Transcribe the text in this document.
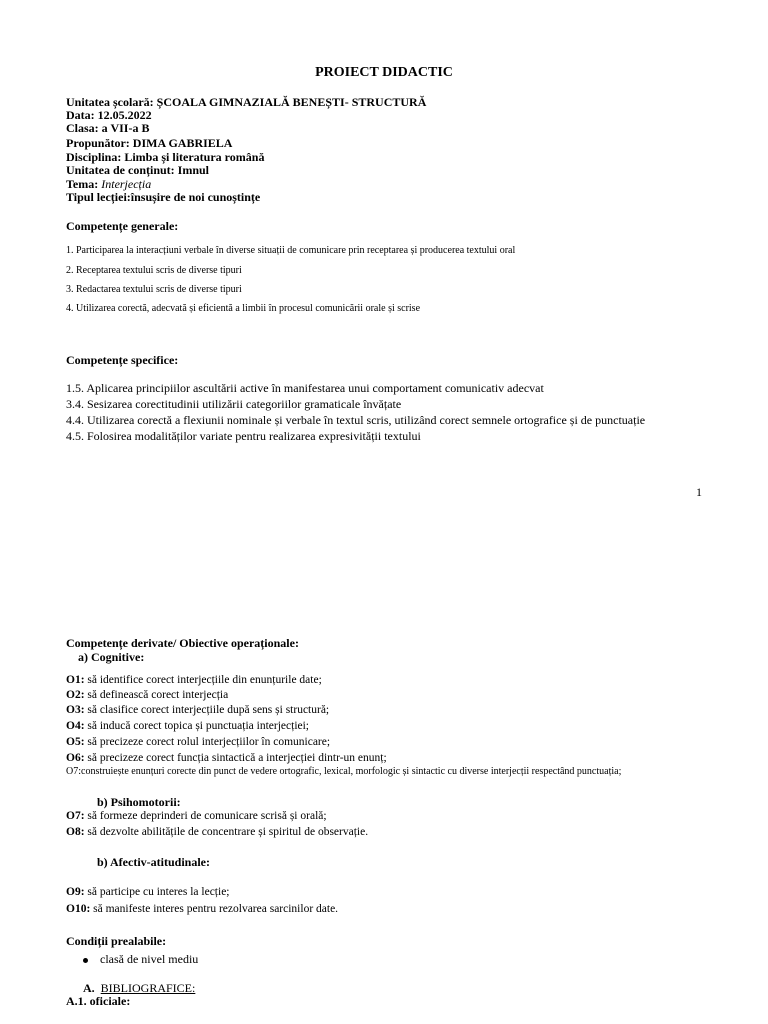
PROIECT DIDACTIC
Unitatea școlară: ȘCOALA GIMNAZIALĂ BENEȘTI- STRUCTURĂ
Data: 12.05.2022
Clasa: a VII-a B
Propunător: DIMA GABRIELA
Disciplina: Limba și literatura română
Unitatea de conținut: Imnul
Tema: Interjecția
Tipul lecției:însușire de noi cunoștințe
Competențe generale:
1. Participarea la interacțiuni verbale în diverse situații de comunicare prin receptarea și producerea textului oral
2. Receptarea textului scris de diverse tipuri
3. Redactarea textului scris de diverse tipuri
4. Utilizarea corectă, adecvată și eficientă a limbii în procesul comunicării orale și scrise
Competențe specifice:
1.5. Aplicarea principiilor ascultării active în manifestarea unui comportament comunicativ adecvat
3.4. Sesizarea corectitudinii utilizării categoriilor gramaticale învățate
4.4. Utilizarea corectă a flexiunii nominale și verbale în textul scris, utilizând corect semnele ortografice și de punctuație
4.5. Folosirea modalităților variate pentru realizarea expresivității textului
1
Competențe derivate/ Obiective operaționale:
a) Cognitive:
O1: să identifice corect interjecțiile din enunțurile date;
O2: să definească corect interjecția
O3: să clasifice corect interjecțiile după sens și structură;
O4: să inducă corect topica și punctuația interjecției;
O5: să precizeze corect rolul interjecțiilor în comunicare;
O6: să precizeze corect funcția sintactică a interjecției dintr-un enunț;
O7:construiește enunțuri corecte din punct de vedere ortografic, lexical, morfologic și sintactic cu diverse interjecții respectând punctuația;
b) Psihomotorii:
O7: să formeze deprinderi de comunicare scrisă și orală;
O8: să dezvolte abilitățile de concentrare și spiritul de observație.
b) Afectiv-atitudinale:
O9: să participe cu interes la lecție;
O10: să manifeste interes pentru rezolvarea sarcinilor date.
Condiții prealabile:
clasă de nivel mediu
A. BIBLIOGRAFICE:
A.1. oficiale:
